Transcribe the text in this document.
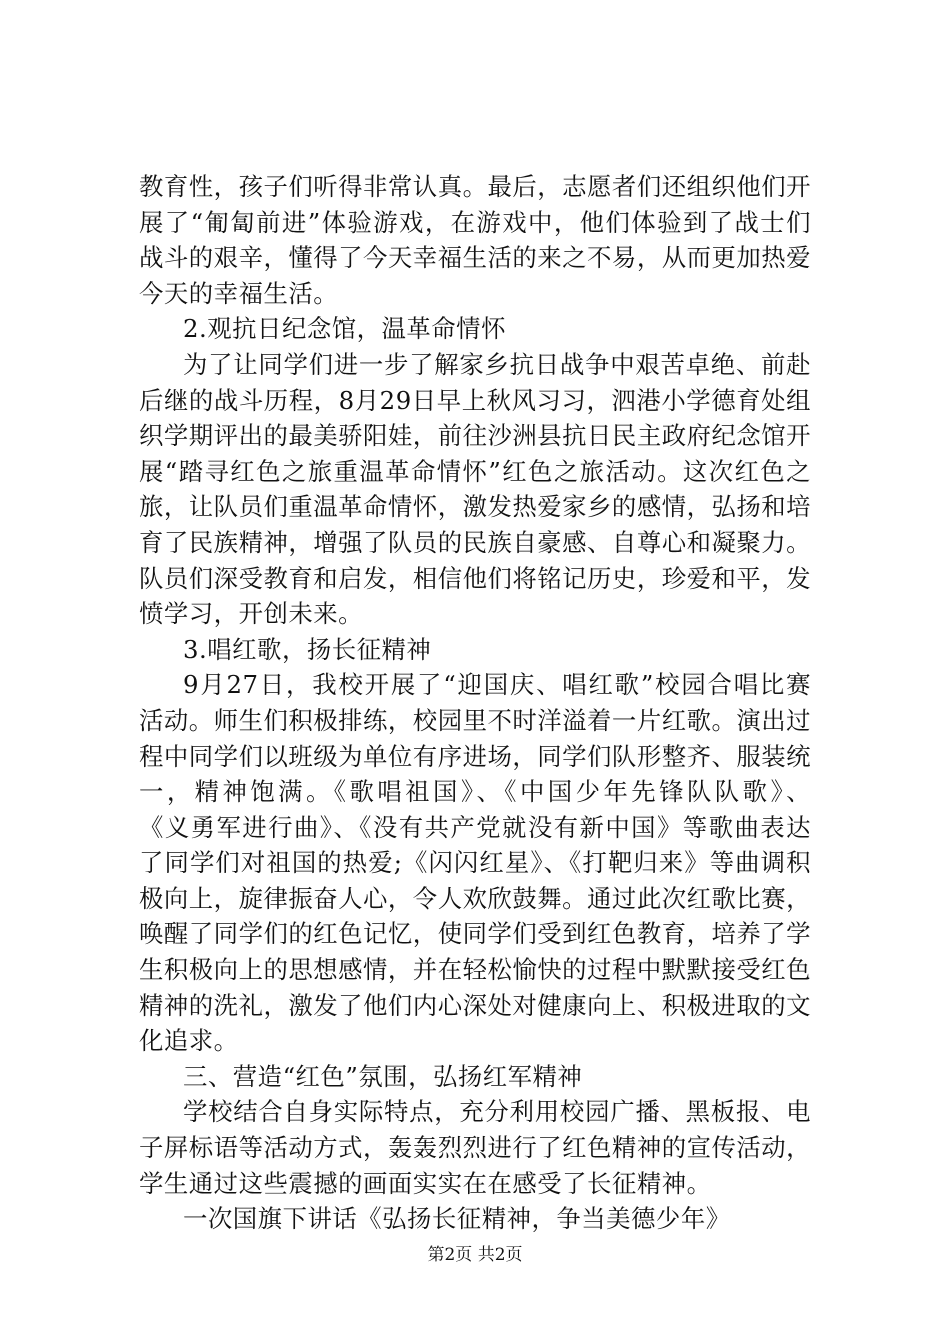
教育性，孩子们听得非常认真。最后，志愿者们还组织他们开
展了“匍匐前进”体验游戏，在游戏中，他们体验到了战士们
战斗的艰辛，懂得了今天幸福生活的来之不易，从而更加热爱
今天的幸福生活。
2.观抗日纪念馆，温革命情怀
为了让同学们进一步了解家乡抗日战争中艰苦卓绝、前赴
后继的战斗历程，8月29日早上秋风习习，泗港小学德育处组
织学期评出的最美骄阳娃，前往沙洲县抗日民主政府纪念馆开
展“踏寻红色之旅重温革命情怀”红色之旅活动。这次红色之
旅，让队员们重温革命情怀，激发热爱家乡的感情，弘扬和培
育了民族精神，增强了队员的民族自豪感、自尊心和凝聚力。
队员们深受教育和启发，相信他们将铭记历史，珍爱和平，发
愤学习，开创未来。
3.唱红歌，扬长征精神
9月27日，我校开展了“迎国庆、唱红歌”校园合唱比赛
活动。师生们积极排练，校园里不时洋溢着一片红歌。演出过
程中同学们以班级为单位有序进场，同学们队形整齐、服装统
一，精神饱满。《歌唱祖国》、《中国少年先锋队队歌》、
《义勇军进行曲》、《没有共产党就没有新中国》等歌曲表达
了同学们对祖国的热爱;《闪闪红星》、《打靶归来》等曲调积
极向上，旋律振奋人心，令人欢欣鼓舞。通过此次红歌比赛，
唤醒了同学们的红色记忆，使同学们受到红色教育，培养了学
生积极向上的思想感情，并在轻松愉快的过程中默默接受红色
精神的洗礼，激发了他们内心深处对健康向上、积极进取的文
化追求。
三、营造“红色”氛围，弘扬红军精神
学校结合自身实际特点，充分利用校园广播、黑板报、电
子屏标语等活动方式，轰轰烈烈进行了红色精神的宣传活动，
学生通过这些震撼的画面实实在在感受了长征精神。
一次国旗下讲话《弘扬长征精神，争当美德少年》
第2页 共2页
